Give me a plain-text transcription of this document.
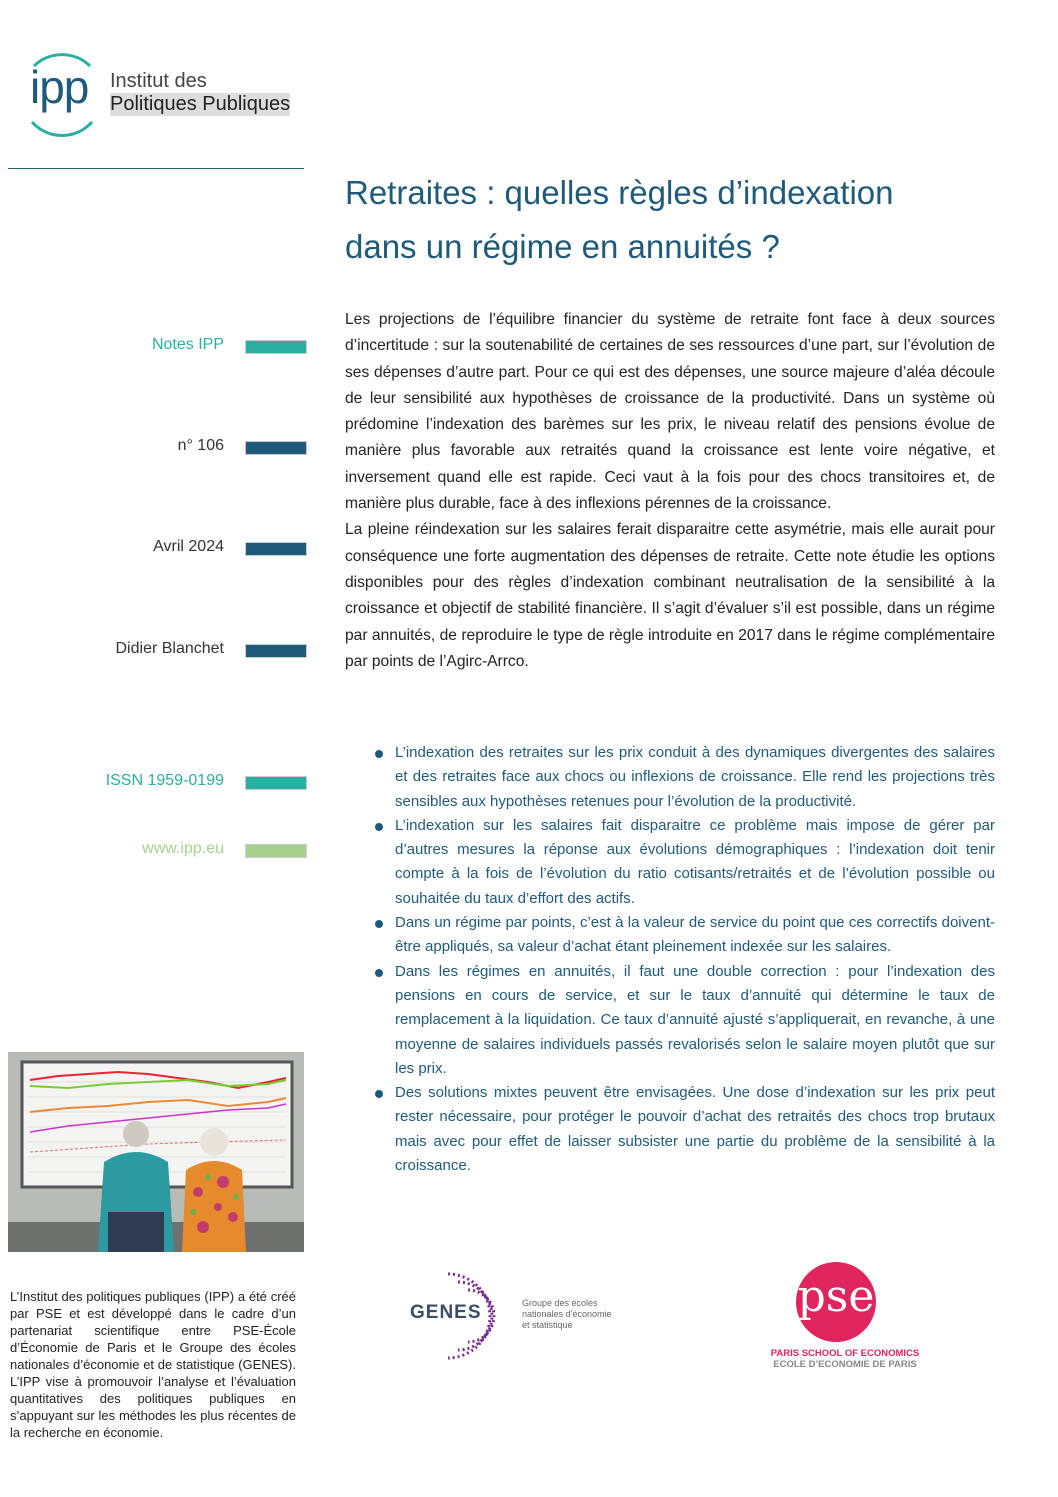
ipp Institut des
Politiques Publiques
Notes IPP
n° 106
Avril 2024
Didier Blanchet
ISSN 1959-0199
www.ipp.eu
Retraites : quelles règles d’indexation
dans un régime en annuités ?

Les projections de l’équilibre financier du système de retraite font face à deux sources d’incertitude : sur la soutenabilité de certaines de ses ressources d’une part, sur l’évolution de ses dépenses d’autre part. Pour ce qui est des dépenses, une source majeure d’aléa découle de leur sensibilité aux hypothèses de croissance de la productivité. Dans un système où prédomine l’indexation des barèmes sur les prix, le niveau relatif des pensions évolue de manière plus favorable aux retraités quand la croissance est lente voire négative, et inversement quand elle est rapide. Ceci vaut à la fois pour des chocs transitoires et, de manière plus durable, face à des inflexions pérennes de la croissance.

La pleine réindexation sur les salaires ferait disparaitre cette asymétrie, mais elle aurait pour conséquence une forte augmentation des dépenses de retraite. Cette note étudie les options disponibles pour des règles d’indexation combinant neutralisation de la sensibilité à la croissance et objectif de stabilité financière. Il s’agit d’évaluer s’il est possible, dans un régime par annuités, de reproduire le type de règle introduite en 2017 dans le régime complémentaire par points de l’Agirc-Arrco.

L’indexation des retraites sur les prix conduit à des dynamiques divergentes des salaires et des retraites face aux chocs ou inflexions de croissance. Elle rend les projections très sensibles aux hypothèses retenues pour l’évolution de la productivité.
L’indexation sur les salaires fait disparaitre ce problème mais impose de gérer par d’autres mesures la réponse aux évolutions démographiques : l’indexation doit tenir compte à la fois de l’évolution du ratio cotisants/retraités et de l’évolution possible ou souhaitée du taux d’effort des actifs.
Dans un régime par points, c’est à la valeur de service du point que ces correctifs doivent-être appliqués, sa valeur d’achat étant pleinement indexée sur les salaires.
Dans les régimes en annuités, il faut une double correction : pour l’indexation des pensions en cours de service, et sur le taux d’annuité qui détermine le taux de remplacement à la liquidation. Ce taux d’annuité ajusté s’appliquerait, en revanche, à une moyenne de salaires individuels passés revalorisés selon le salaire moyen plutôt que sur les prix.
Des solutions mixtes peuvent être envisagées. Une dose d’indexation sur les prix peut rester nécessaire, pour protéger le pouvoir d’achat des retraités des chocs trop brutaux mais avec pour effet de laisser subsister une partie du problème de la sensibilité à la croissance.
L’Institut des politiques publiques (IPP) a été créé par PSE et est développé dans le cadre d’un partenariat scientifique entre PSE-École d’Économie de Paris et le Groupe des écoles nationales d’économie et de statistique (GENES). L’IPP vise à promouvoir l’analyse et l’évaluation quantitatives des politiques publiques en s’appuyant sur les méthodes les plus récentes de la recherche en économie.
GENES	Groupe des écoles
nationales d’économie
et statistique
pse
PARIS SCHOOL OF ECONOMICS
ECOLE D’ECONOMIE DE PARIS
